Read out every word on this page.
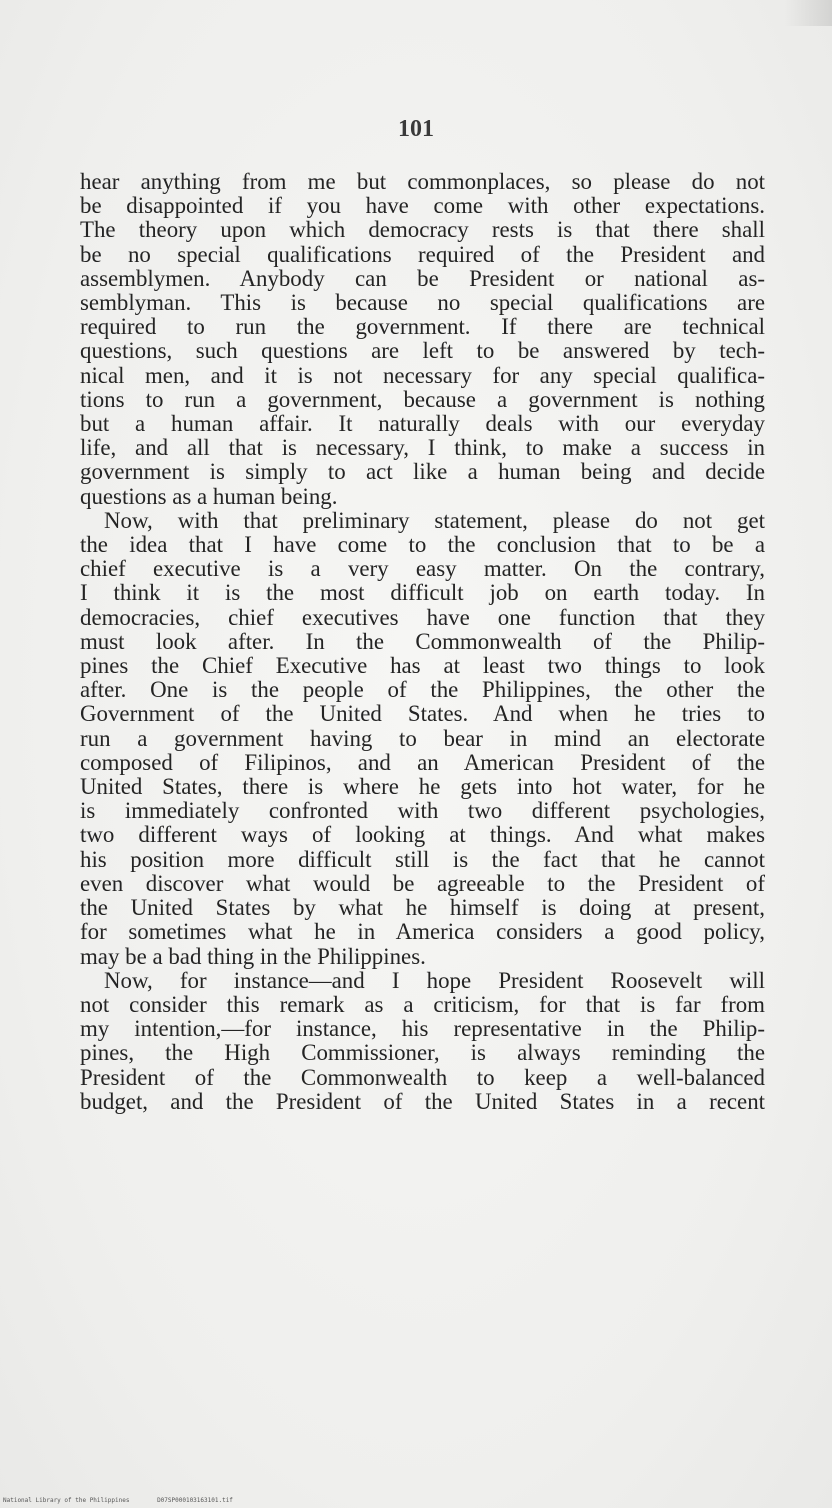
101
hear anything from me but commonplaces, so please do not
be disappointed if you have come with other expectations.
The theory upon which democracy rests is that there shall
be no special qualifications required of the President and
assemblymen. Anybody can be President or national as-
semblyman. This is because no special qualifications are
required to run the government. If there are technical
questions, such questions are left to be answered by tech-
nical men, and it is not necessary for any special qualifica-
tions to run a government, because a government is nothing
but a human affair. It naturally deals with our everyday
life, and all that is necessary, I think, to make a success in
government is simply to act like a human being and decide
questions as a human being.
Now, with that preliminary statement, please do not get
the idea that I have come to the conclusion that to be a
chief executive is a very easy matter. On the contrary,
I think it is the most difficult job on earth today. In
democracies, chief executives have one function that they
must look after. In the Commonwealth of the Philip-
pines the Chief Executive has at least two things to look
after. One is the people of the Philippines, the other the
Government of the United States. And when he tries to
run a government having to bear in mind an electorate
composed of Filipinos, and an American President of the
United States, there is where he gets into hot water, for he
is immediately confronted with two different psychologies,
two different ways of looking at things. And what makes
his position more difficult still is the fact that he cannot
even discover what would be agreeable to the President of
the United States by what he himself is doing at present,
for sometimes what he in America considers a good policy,
may be a bad thing in the Philippines.
Now, for instance—and I hope President Roosevelt will
not consider this remark as a criticism, for that is far from
my intention,—for instance, his representative in the Philip-
pines, the High Commissioner, is always reminding the
President of the Commonwealth to keep a well-balanced
budget, and the President of the United States in a recent
National Library of the Philippines	D07SP000103163101.tif
